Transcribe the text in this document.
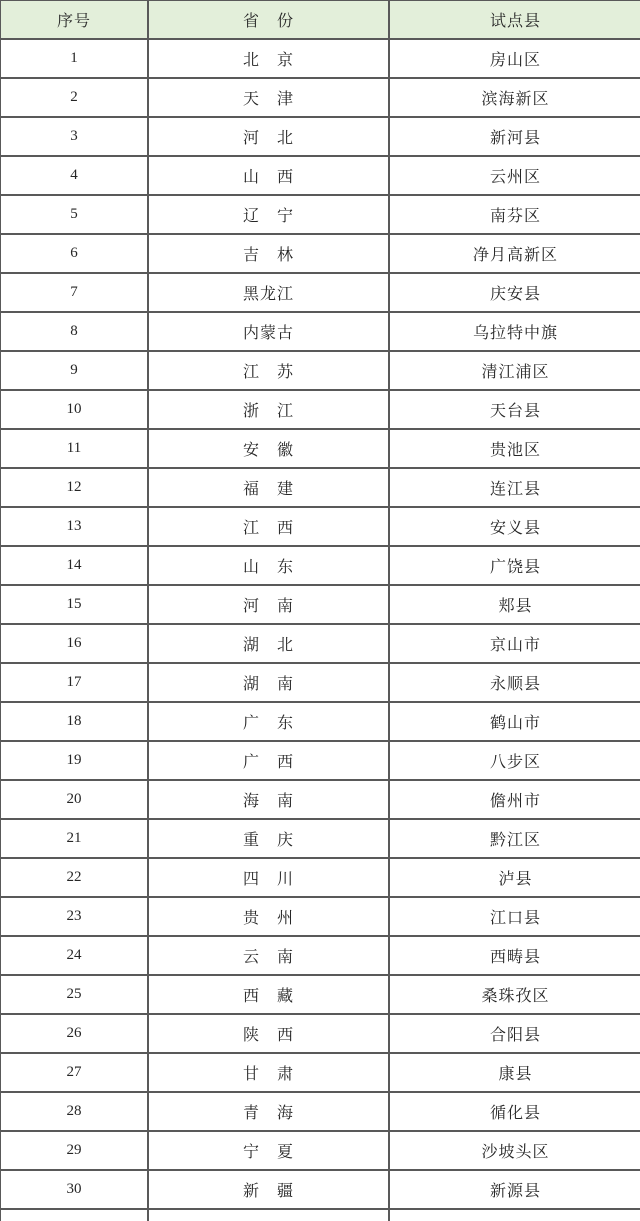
序号	省　份	试点县
1	北　京	房山区
2	天　津	滨海新区
3	河　北	新河县
4	山　西	云州区
5	辽　宁	南芬区
6	吉　林	净月高新区
7	黑龙江	庆安县
8	内蒙古	乌拉特中旗
9	江　苏	清江浦区
10	浙　江	天台县
11	安　徽	贵池区
12	福　建	连江县
13	江　西	安义县
14	山　东	广饶县
15	河　南	郏县
16	湖　北	京山市
17	湖　南	永顺县
18	广　东	鹤山市
19	广　西	八步区
20	海　南	儋州市
21	重　庆	黔江区
22	四　川	泸县
23	贵　州	江口县
24	云　南	西畴县
25	西　藏	桑珠孜区
26	陕　西	合阳县
27	甘　肃	康县
28	青　海	循化县
29	宁　夏	沙坡头区
30	新　疆	新源县
